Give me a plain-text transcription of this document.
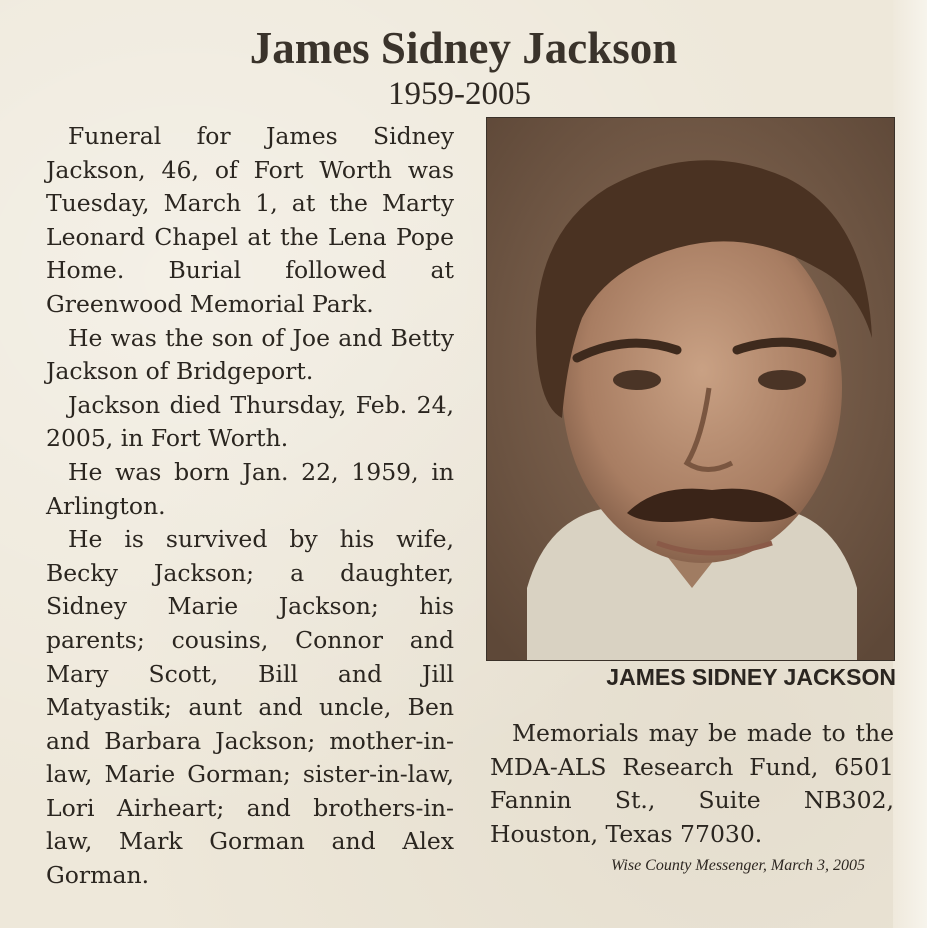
James Sidney Jackson
1959-2005

Funeral for James Sidney Jackson, 46, of Fort Worth was Tuesday, March 1, at the Marty Leonard Chapel at the Lena Pope Home. Burial followed at Greenwood Memorial Park.

He was the son of Joe and Betty Jackson of Bridgeport.

Jackson died Thursday, Feb. 24, 2005, in Fort Worth.

He was born Jan. 22, 1959, in Arlington.

He is survived by his wife, Becky Jackson; a daughter, Sidney Marie Jackson; his parents; cousins, Connor and Mary Scott, Bill and Jill Matyastik; aunt and uncle, Ben and Barbara Jackson; mother-in-law, Marie Gorman; sister-in-law, Lori Airheart; and brothers-in-law, Mark Gorman and Alex Gorman.

JAMES SIDNEY JACKSON

Memorials may be made to the MDA-ALS Research Fund, 6501 Fannin St., Suite NB302, Houston, Texas 77030.

Wise County Messenger, March 3, 2005
